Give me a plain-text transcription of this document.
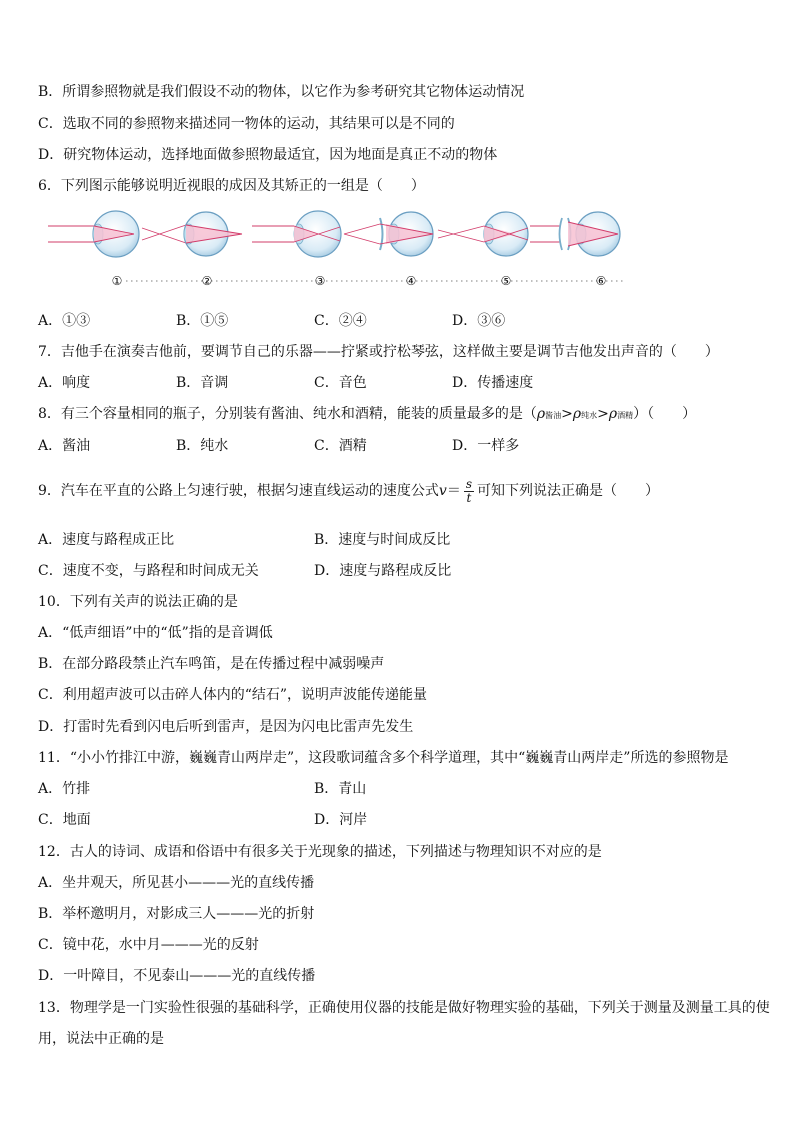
B．所谓参照物就是我们假设不动的物体，以它作为参考研究其它物体运动情况
C．选取不同的参照物来描述同一物体的运动，其结果可以是不同的
D．研究物体运动，选择地面做参照物最适宜，因为地面是真正不动的物体
6．下列图示能够说明近视眼的成因及其矫正的一组是（　　）
①	②	③	④	⑤	⑥
A．①③	B．①⑤	C．②④	D．③⑥
7．吉他手在演奏吉他前，要调节自己的乐器——拧紧或拧松琴弦，这样做主要是调节吉他发出声音的（　　）
A．响度	B．音调	C．音色	D．传播速度
8．有三个容量相同的瓶子，分别装有酱油、纯水和酒精，能装的质量最多的是（ρ酱油>ρ纯水>ρ酒精）（　　）
A．酱油	B．纯水	C．酒精	D．一样多
9．汽车在平直的公路上匀速行驶，根据匀速直线运动的速度公式$v= \frac{s}{t}$ 可知下列说法正确是（　　）
A．速度与路程成正比	B．速度与时间成反比
C．速度不变，与路程和时间成无关	D．速度与路程成反比
10．下列有关声的说法正确的是
A．“低声细语”中的“低”指的是音调低
B．在部分路段禁止汽车鸣笛，是在传播过程中减弱噪声
C．利用超声波可以击碎人体内的“结石”，说明声波能传递能量
D．打雷时先看到闪电后听到雷声，是因为闪电比雷声先发生
11．“小小竹排江中游，巍巍青山两岸走”，这段歌词蕴含多个科学道理，其中“巍巍青山两岸走”所选的参照物是
A．竹排	B．青山
C．地面	D．河岸
12．古人的诗词、成语和俗语中有很多关于光现象的描述，下列描述与物理知识不对应的是
A．坐井观天，所见甚小———光的直线传播
B．举杯邀明月，对影成三人———光的折射
C．镜中花，水中月———光的反射
D．一叶障目，不见泰山———光的直线传播
13．物理学是一门实验性很强的基础科学，正确使用仪器的技能是做好物理实验的基础，下列关于测量及测量工具的使
用，说法中正确的是
